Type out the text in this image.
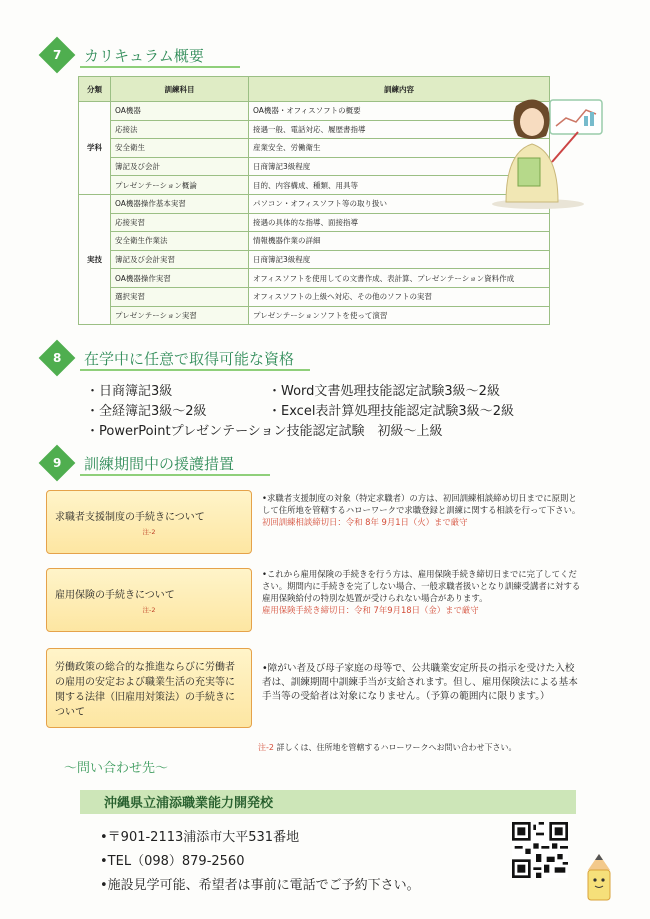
7 カリキュラム概要
分類	訓練科目	訓練内容
学科	OA機器	OA機器・オフィスソフトの概要
	応接法	接遇一般、電話対応、履歴書指導
	安全衛生	産業安全、労働衛生
	簿記及び会計	日商簿記3級程度
	プレゼンテーション概論	目的、内容構成、種類、用具等
実技	OA機器操作基本実習	パソコン・オフィスソフト等の取り扱い
	応接実習	接遇の具体的な指導、面接指導
	安全衛生作業法	情報機器作業の詳細
	簿記及び会計実習	日商簿記3級程度
	OA機器操作実習	オフィスソフトを使用しての文書作成、表計算、プレゼンテーション資料作成
	選択実習	オフィスソフトの上級へ対応、その他のソフトの実習
	プレゼンテーション実習	プレゼンテーションソフトを使って演習
8 在学中に任意で取得可能な資格
・日商簿記3級	・Word文書処理技能認定試験3級～2級
・全経簿記3級～2級	・Excel表計算処理技能認定試験3級～2級
・PowerPointプレゼンテーション技能認定試験　初級～上級
9 訓練期間中の援護措置
求職者支援制度の手続きについて
注-2
•求職者支援制度の対象（特定求職者）の方は、初回訓練相談締め切日までに原則として住所地を管轄するハローワークで求職登録と訓練に関する相談を行って下さい。
初回訓練相談締切日：令和 8年 9月1日（火）まで厳守
雇用保険の手続きについて
注-2
•これから雇用保険の手続きを行う方は、雇用保険手続き締切日までに完了してください。期間内に手続きを完了しない場合、一般求職者扱いとなり訓練受講者に対する雇用保険給付の特別な処置が受けられない場合があります。
雇用保険手続き締切日：令和 7年9月18日（金）まで厳守
労働政策の総合的な推進ならびに労働者の雇用の安定および職業生活の充実等に関する法律（旧雇用対策法）の手続きについて
•障がい者及び母子家庭の母等で、公共職業安定所長の指示を受けた入校者は、訓練期間中訓練手当が支給されます。但し、雇用保険法による基本手当等の受給者は対象になりません。（予算の範囲内に限ります。）
注-2 詳しくは、住所地を管轄するハローワークへお問い合わせ下さい。
～問い合わせ先～
沖縄県立浦添職業能力開発校
•〒901-2113浦添市大平531番地
•TEL（098）879-2560
•施設見学可能、希望者は事前に電話でご予約下さい。
